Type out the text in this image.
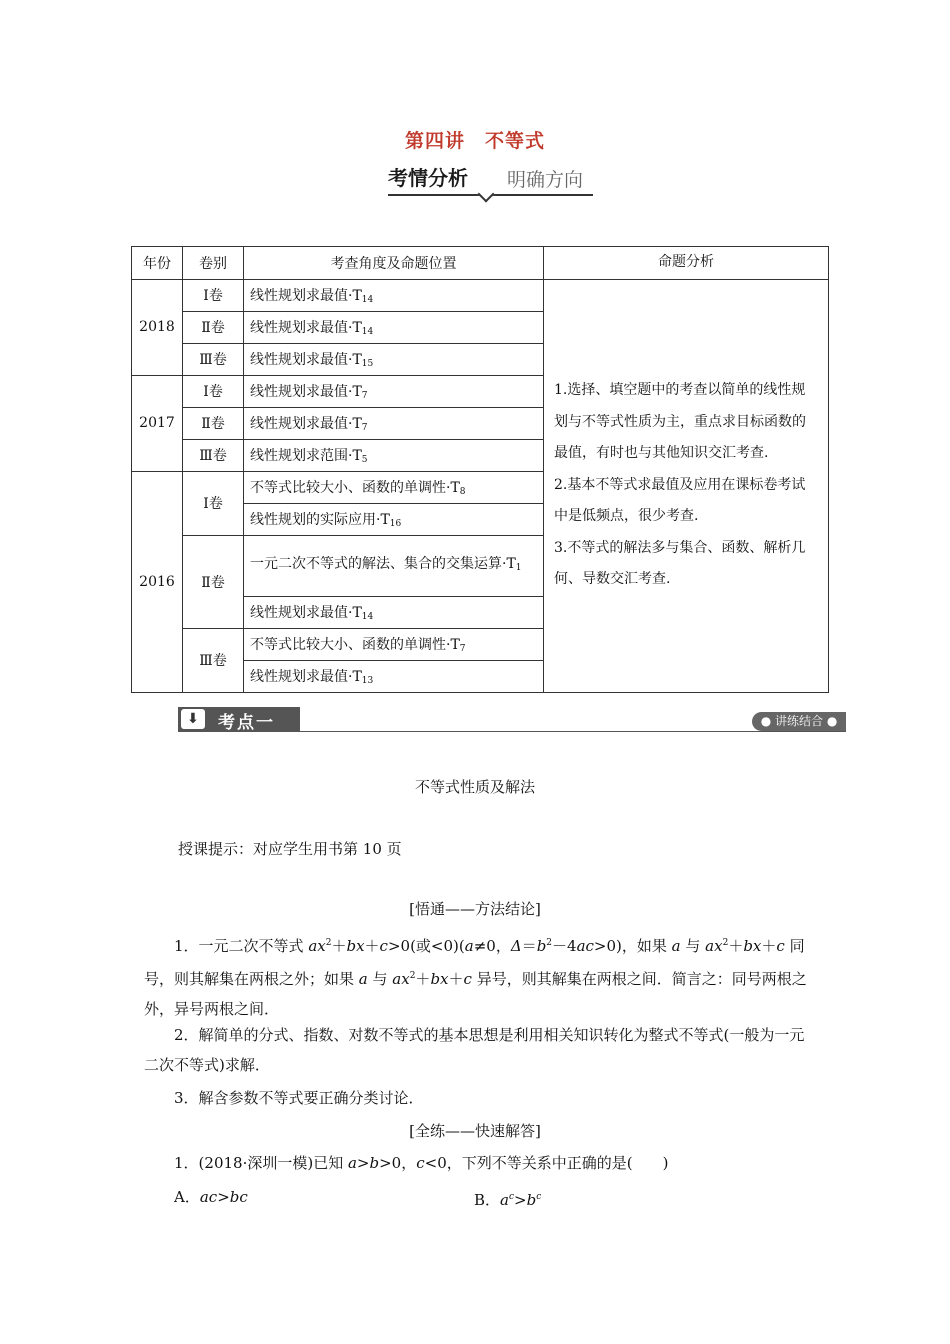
第四讲　不等式
考情分析 明确方向
年份	卷别	考查角度及命题位置	命题分析
2018	Ⅰ卷	线性规划求最值$\cdot T_{14}$	1.选择、填空题中的考查以简单的线性规划与不等式性质为主，重点求目标函数的最值，有时也与其他知识交汇考查.
2.基本不等式求最值及应用在课标卷考试中是低频点，很少考查.
3.不等式的解法多与集合、函数、解析几何、导数交汇考查.

	Ⅱ卷	线性规划求最值$\cdot T_{14}$
	Ⅲ卷	线性规划求最值$\cdot T_{15}$
2017	Ⅰ卷	线性规划求最值$\cdot T_7$
	Ⅱ卷	线性规划求最值$\cdot T_7$
	Ⅲ卷	线性规划求范围$\cdot T_5$
2016	Ⅰ卷	不等式比较大小、函数的单调性$\cdot T_8$
		线性规划的实际应用$\cdot T_{16}$
	Ⅱ卷	一元二次不等式的解法、集合的交集运算$\cdot T_1$
		线性规划求最值$\cdot T_{14}$
	Ⅲ卷	不等式比较大小、函数的单调性$\cdot T_7$
		线性规划求最值$\cdot T_{13}$
⬇	考点一	● 讲练结合 ●
不等式性质及解法
授课提示：对应学生用书第 10 页
[悟通——方法结论]
1．一元二次不等式 $ax^2+bx+c>0$(或<0)(a≠0，$\Delta=b^2-4ac>0$)，如果 a 与 $ax^2+bx+c$ 同号，则其解集在两根之外；如果 a 与 $ax^2+bx+c$ 异号，则其解集在两根之间．简言之：同号两根之外，异号两根之间．
2．解简单的分式、指数、对数不等式的基本思想是利用相关知识转化为整式不等式(一般为一元二次不等式)求解．
3．解含参数不等式要正确分类讨论．
[全练——快速解答]
1．(2018·深圳一模)已知 a>b>0，c<0，下列不等关系中正确的是(　　)
A．ac>bc	B．$a^c>b^c$
